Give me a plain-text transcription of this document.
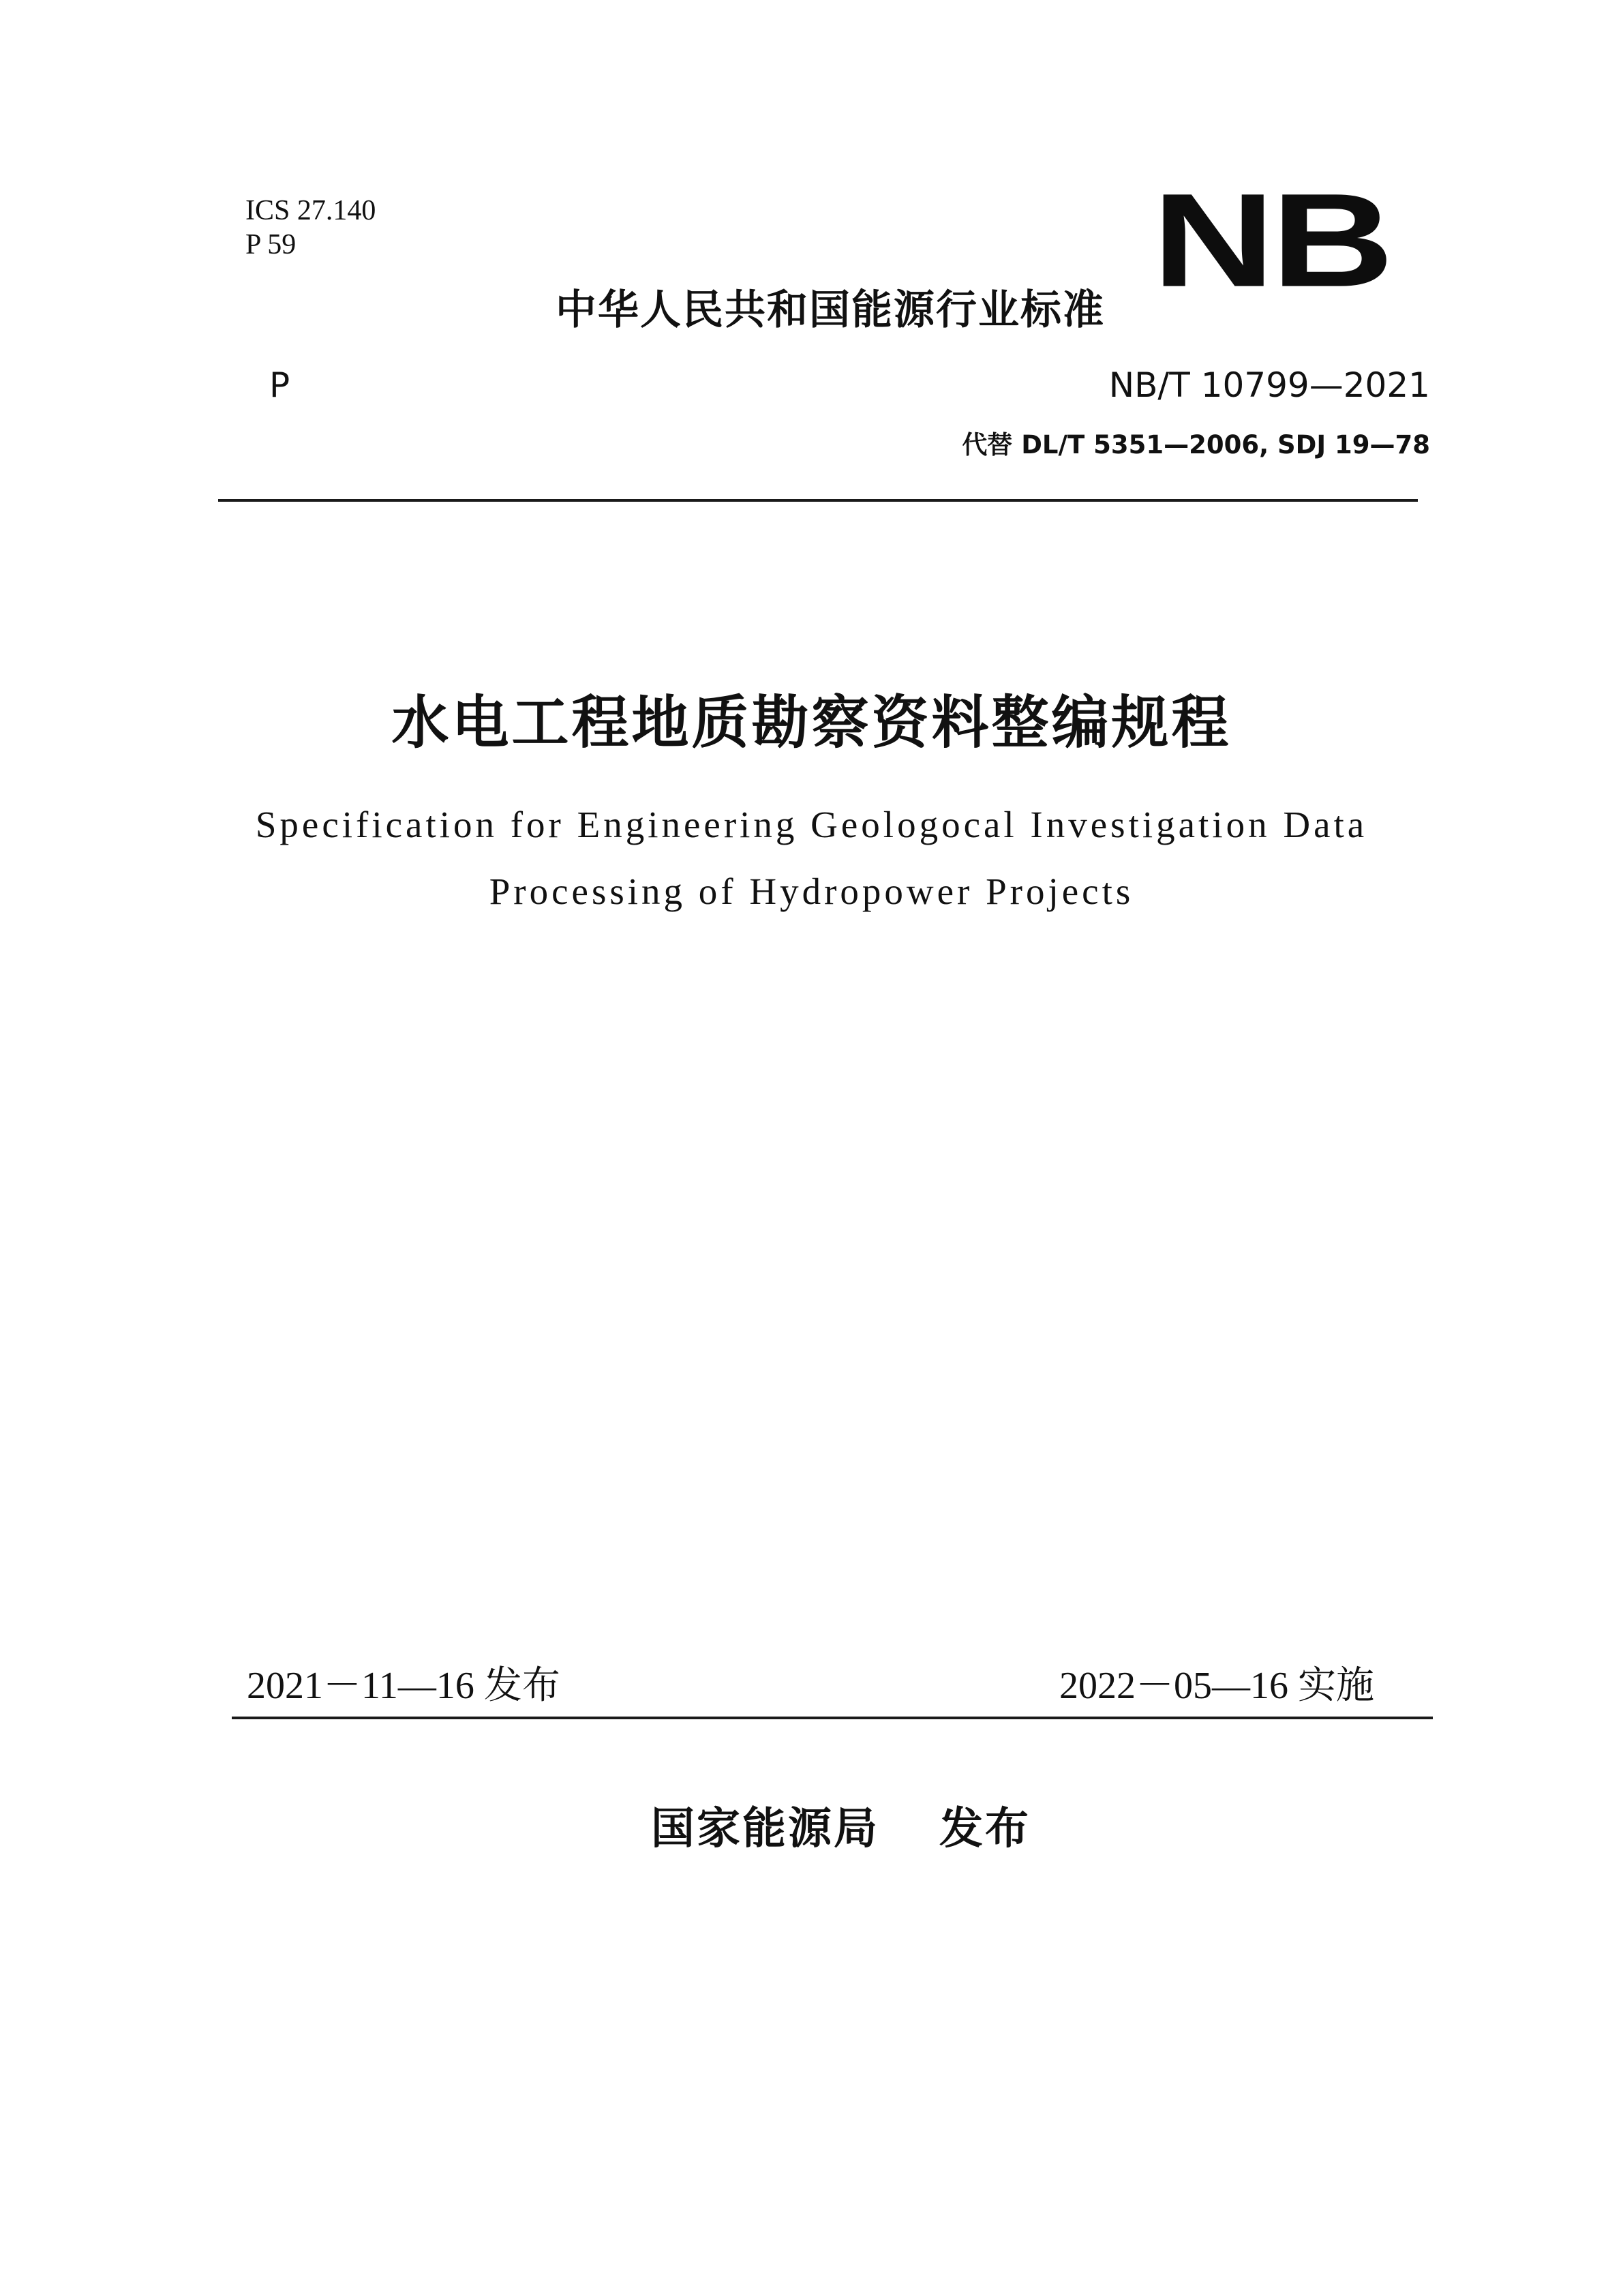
ICS 27.140
P 59	NB
中华人民共和国能源行业标准
P	NB/T 10799—2021
代替 DL/T 5351—2006, SDJ 19—78
水电工程地质勘察资料整编规程
Specification for Engineering Geologocal Investigation Data
Processing of Hydropower Projects
2021－11—16 发布	2022－05—16 实施
国家能源局 发布
